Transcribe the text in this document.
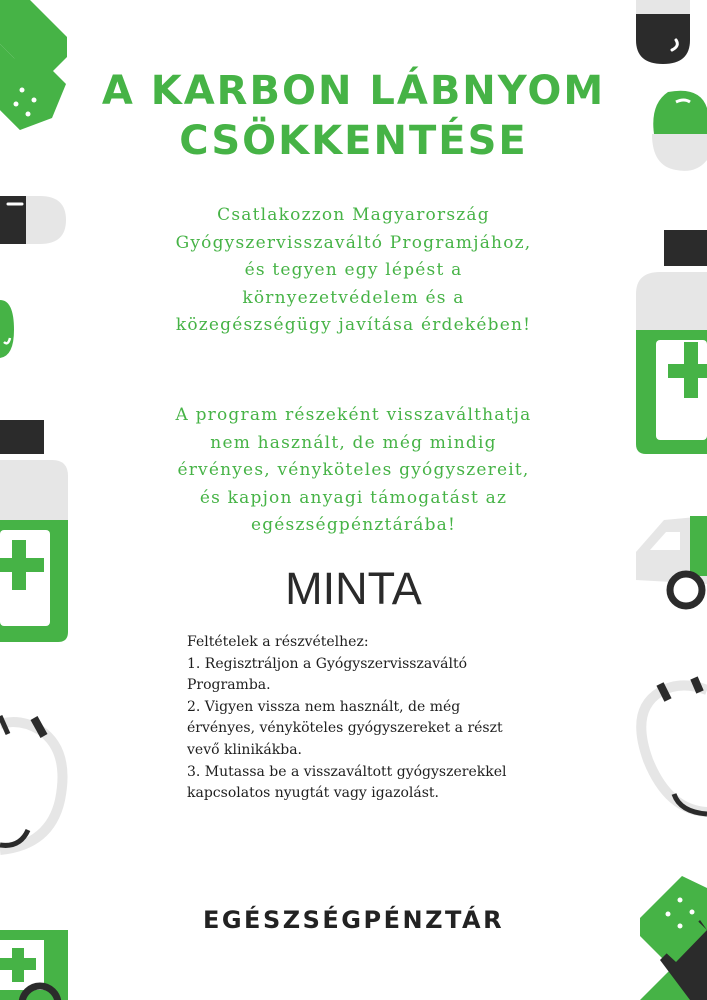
A KARBON LÁBNYOM CSÖKKENTÉSE

Csatlakozzon Magyarország Gyógyszervisszaváltó Programjához, és tegyen egy lépést a környezetvédelem és a közegészségügy javítása érdekében!

A program részeként visszaválthatja nem használt, de még mindig érvényes, vényköteles gyógyszereit, és kapjon anyagi támogatást az egészségpénztárába!

MINTA
Feltételek a részvételhez:
1. Regisztráljon a Gyógyszervisszaváltó Programba.
2. Vigyen vissza nem használt, de még érvényes, vényköteles gyógyszereket a részt vevő klinikákba.
3. Mutassa be a visszaváltott gyógyszerekkel kapcsolatos nyugtát vagy igazolást.
EGÉSZSÉGPÉNZTÁR
